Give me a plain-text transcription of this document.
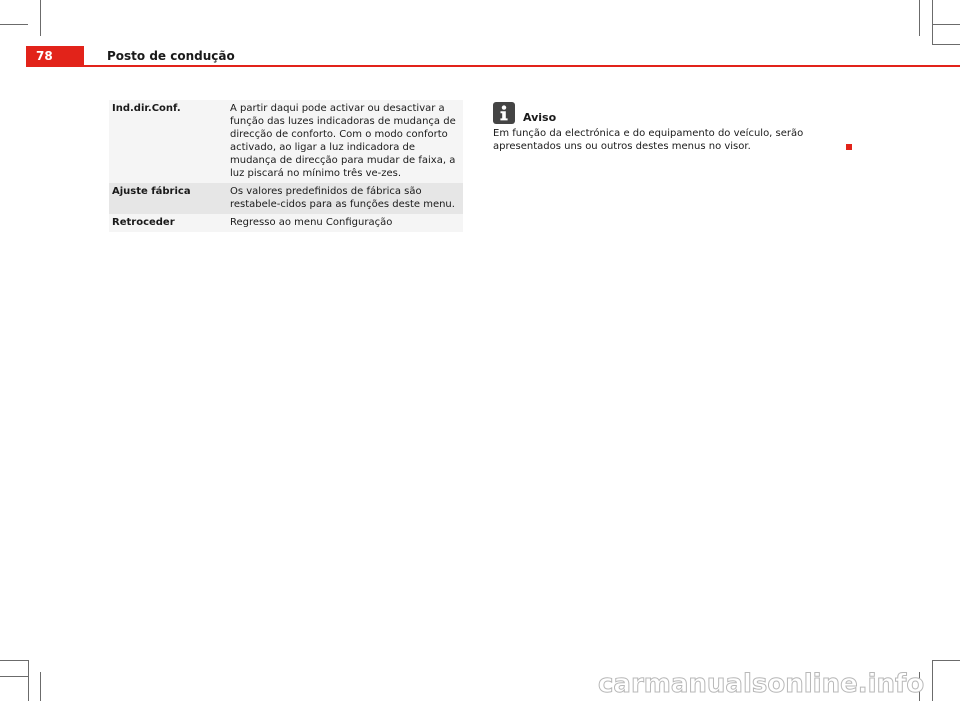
78	Posto de condução
Ind.dir.Conf.	A partir daqui pode activar ou desactivar a função das luzes indicadoras de mudança de direcção de conforto. Com o modo conforto activado, ao ligar a luz indicadora de mudança de direcção para mudar de faixa, a luz piscará no mínimo três ve-zes.
Ajuste fábrica	Os valores predefinidos de fábrica são restabele-cidos para as funções deste menu.
Retroceder	Regresso ao menu Configuração
Aviso
Em função da electrónica e do equipamento do veículo, serão apresentados uns ou outros destes menus no visor.
carmanualsonline.info
